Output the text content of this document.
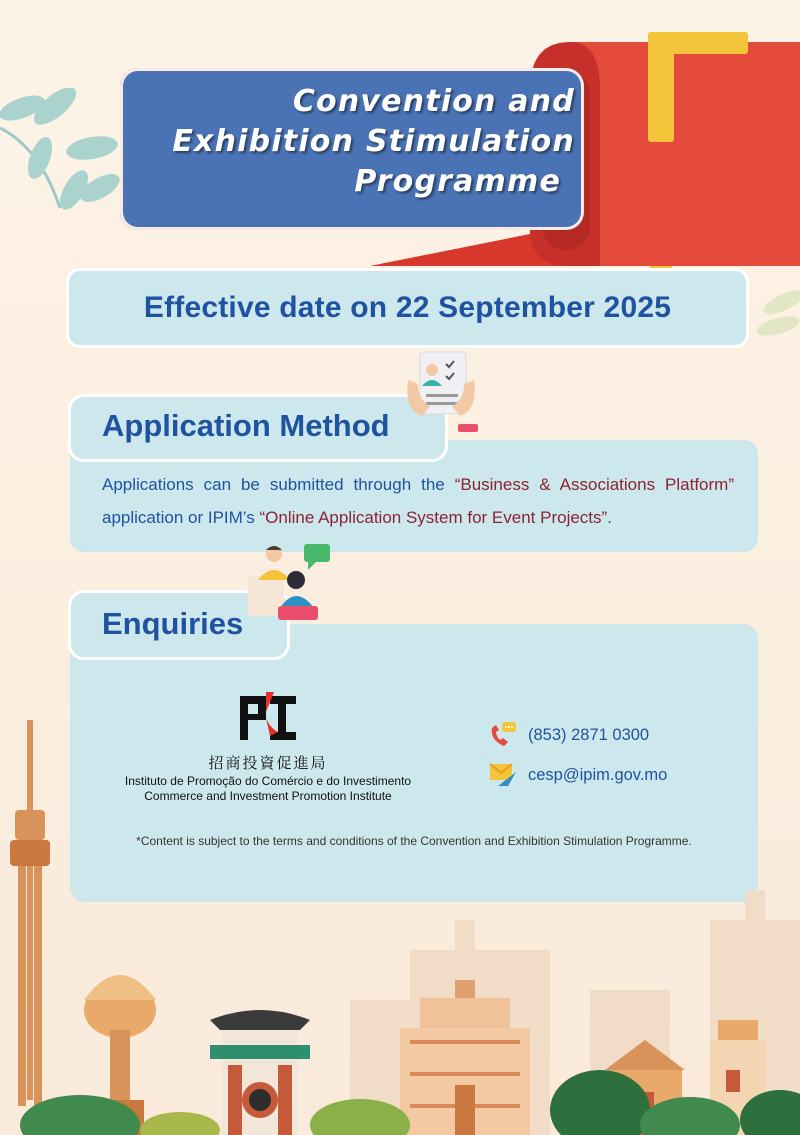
Convention and
Exhibition Stimulation
Programme
Effective date on 22 September 2025
Application Method
Applications can be submitted through the “Business & Associations Platform” application or IPIM’s “Online Application System for Event Projects”.
Enquiries
招商投資促進局
Instituto de Promoção do Comércio e do Investimento
Commerce and Investment Promotion Institute
(853) 2871 0300
cesp@ipim.gov.mo
*Content is subject to the terms and conditions of the Convention and Exhibition Stimulation Programme.
